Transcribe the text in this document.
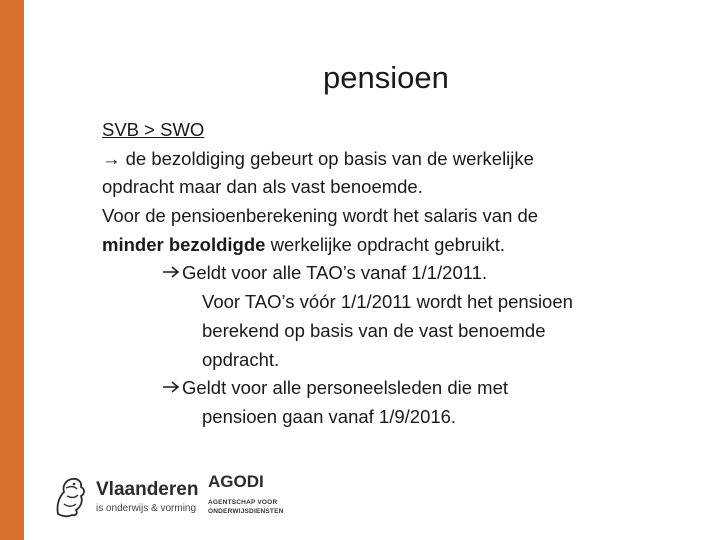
pensioen
SVB > SWO
→ de bezoldiging gebeurt op basis van de werkelijke
opdracht maar dan als vast benoemde.
Voor de pensioenberekening wordt het salaris van de
minder bezoldigde werkelijke opdracht gebruikt.
Geldt voor alle TAO’s vanaf 1/1/2011.
Voor TAO’s vóór 1/1/2011 wordt het pensioen
berekend op basis van de vast benoemde
opdracht.
Geldt voor alle personeelsleden die met
pensioen gaan vanaf 1/9/2016.
Vlaanderen
is onderwijs & vorming
AGODI
AGENTSCHAP VOOR
ONDERWIJSDIENSTEN
